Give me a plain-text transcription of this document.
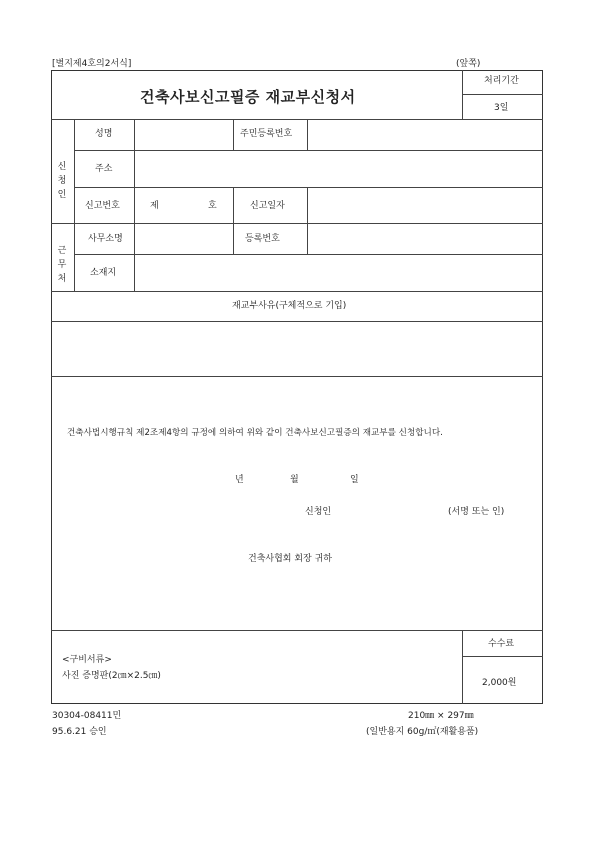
[별지제4호의2서식]	(앞쪽)
건축사보신고필증 재교부신청서
처리기간
3일
신청인
성명	주민등록번호
주소
신고번호	제	호	신고일자
근무처
사무소명	등록번호
소재지
재교부사유(구체적으로 기입)
건축사법시행규칙 제2조제4항의 규정에 의하여 위와 같이 건축사보신고필증의 재교부를 신청합니다.
년	월	일
신청인	(서명 또는 인)
건축사협회 회장 귀하
<구비서류>
사진 증명판(2㎝×2.5㎝)
수수료
2,000원
30304-08411민
95.6.21 승인
210㎜ × 297㎜
(일반용지 60g/㎡(재활용품)
